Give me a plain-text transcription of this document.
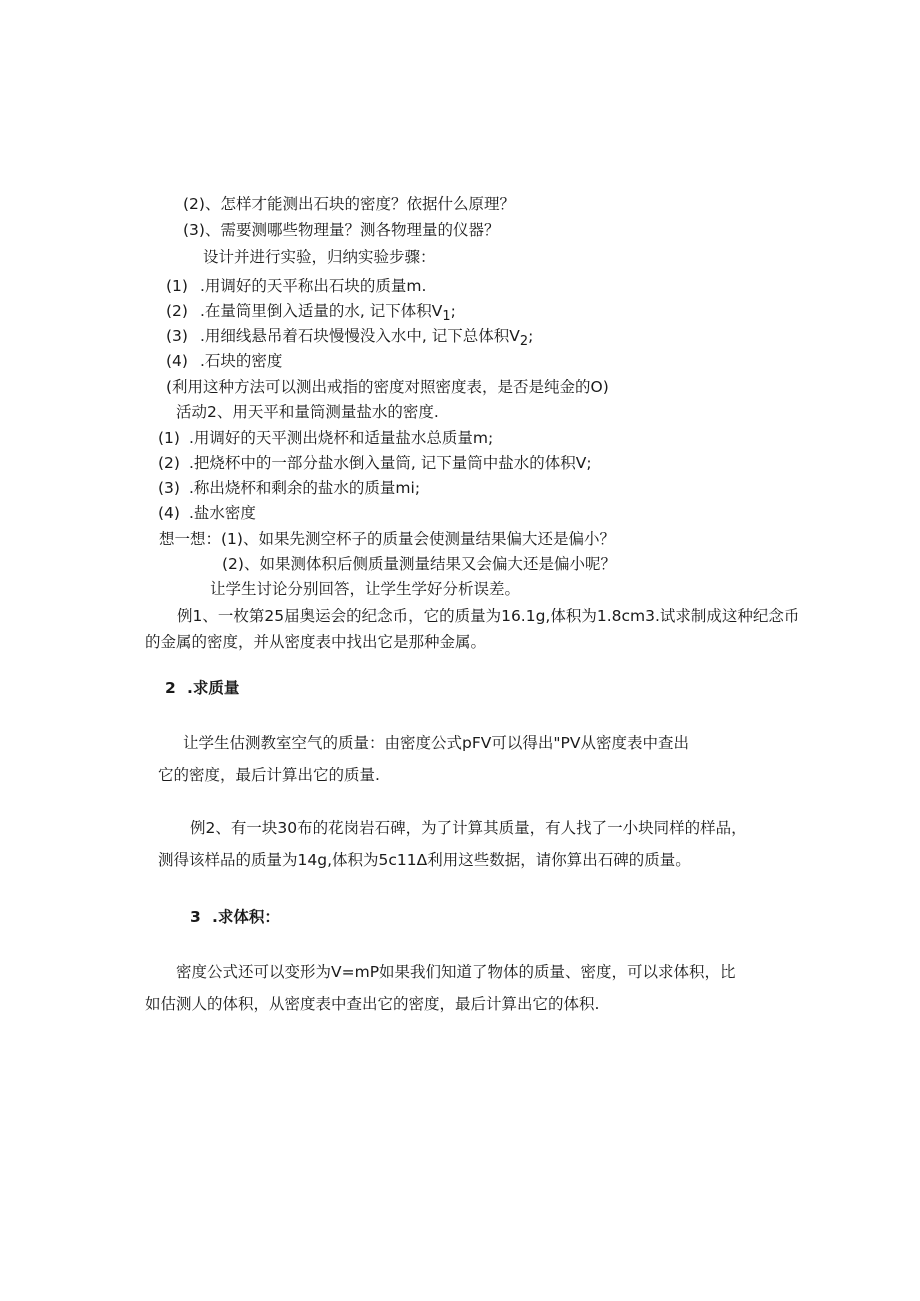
(2)、怎样才能测出石块的密度？依据什么原理？
(3)、需要测哪些物理量？测各物理量的仪器？
设计并进行实验，归纳实验步骤：
(1) .用调好的天平称出石块的质量m.
(2) .在量筒里倒入适量的水, 记下体积$V_1$;
(3) .用细线悬吊着石块慢慢没入水中, 记下总体积$V_2$;
(4) .石块的密度
(利用这种方法可以测出戒指的密度对照密度表，是否是纯金的O)
活动2、用天平和量筒测量盐水的密度.
(1) .用调好的天平测出烧杯和适量盐水总质量m;
(2) .把烧杯中的一部分盐水倒入量筒, 记下量筒中盐水的体积V;
(3) .称出烧杯和剩余的盐水的质量mi;
(4) .盐水密度
想一想：(1)、如果先测空杯子的质量会使测量结果偏大还是偏小？
(2)、如果测体积后侧质量测量结果又会偏大还是偏小呢？
让学生讨论分别回答，让学生学好分析误差。
例1、一枚第25届奥运会的纪念币，它的质量为16.1g,体积为1.8cm3.试求制成这种纪念币
的金属的密度，并从密度表中找出它是那种金属。
2 .求质量
让学生估测教室空气的质量：由密度公式pFV可以得出"PV从密度表中查出
它的密度，最后计算出它的质量.
例2、有一块30布的花岗岩石碑，为了计算其质量，有人找了一小块同样的样品，
测得该样品的质量为14g,体积为5c11Δ利用这些数据，请你算出石碑的质量。
3 .求体积：
密度公式还可以变形为V=mP如果我们知道了物体的质量、密度，可以求体积，比
如估测人的体积，从密度表中查出它的密度，最后计算出它的体积.
